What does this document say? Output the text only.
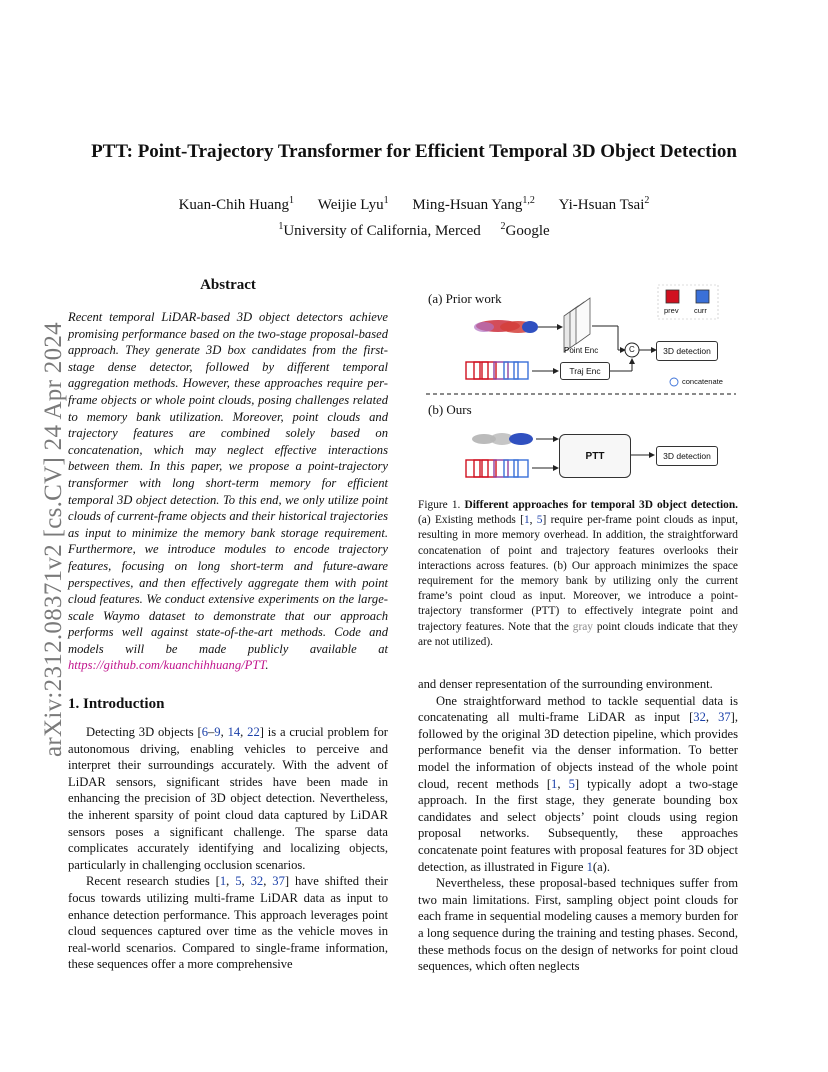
PTT: Point-Trajectory Transformer for Efficient Temporal 3D Object Detection
Kuan-Chih Huang$^1$ Weijie Lyu$^1$ Ming-Hsuan Yang$^{1,2}$ Yi-Hsuan Tsai$^2$
$^1$University of California, Merced $^2$Google
arXiv:2312.08371v2 [cs.CV] 24 Apr 2024
Abstract

Recent temporal LiDAR-based 3D object detectors achieve promising performance based on the two-stage proposal-based approach. They generate 3D box candidates from the first-stage dense detector, followed by different temporal aggregation methods. However, these approaches require per-frame objects or whole point clouds, posing challenges related to memory bank utilization. Moreover, point clouds and trajectory features are combined solely based on concatenation, which may neglect effective interactions between them. In this paper, we propose a point-trajectory transformer with long short-term memory for efficient temporal 3D object detection. To this end, we only utilize point clouds of current-frame objects and their historical trajectories as input to minimize the memory bank storage requirement. Furthermore, we introduce modules to encode trajectory features, focusing on long short-term and future-aware perspectives, and then effectively aggregate them with point cloud features. We conduct extensive experiments on the large-scale Waymo dataset to demonstrate that our approach performs well against state-of-the-art methods. Code and models will be made publicly available at https://github.com/kuanchihhuang/PTT.

1. Introduction

Detecting 3D objects [6–9, 14, 22] is a crucial problem for autonomous driving, enabling vehicles to perceive and interpret their surroundings accurately. With the advent of LiDAR sensors, significant strides have been made in enhancing the precision of 3D object detection. Nevertheless, the inherent sparsity of point cloud data captured by LiDAR sensors poses a significant challenge. The sparse data complicates accurately identifying and localizing objects, particularly in challenging occlusion scenarios.

Recent research studies [1, 5, 32, 37] have shifted their focus towards utilizing multi-frame LiDAR data as input to enhance detection performance. This approach leverages point cloud sequences captured over time as the vehicle moves in real-world scenarios. Compared to single-frame information, these sequences offer a more comprehensive

and denser representation of the surrounding environment.

One straightforward method to tackle sequential data is concatenating all multi-frame LiDAR as input [32, 37], followed by the original 3D detection pipeline, which provides performance benefit via the denser information. To better model the information of objects instead of the whole point cloud, recent methods [1, 5] typically adopt a two-stage approach. In the first stage, they generate bounding box candidates and select objects’ point clouds using region proposal networks. Subsequently, these approaches concatenate point features with proposal features for 3D object detection, as illustrated in Figure 1(a).

Nevertheless, these proposal-based techniques suffer from two main limitations. First, sampling object point clouds for each frame in sequential modeling causes a memory burden for a long sequence during the training and testing phases. Second, these methods focus on the design of networks for point cloud sequences, which often neglects

(a) Prior work
(b) Ours
prev curr
Point Enc
Traj Enc
C	3D detection
concatenate
PTT	3D detection

Figure 1. Different approaches for temporal 3D object detection. (a) Existing methods [1, 5] require per-frame point clouds as input, resulting in more memory overhead. In addition, the straightforward concatenation of point and trajectory features overlooks their interactions across features. (b) Our approach minimizes the space requirement for the memory bank by utilizing only the current frame’s point cloud as input. Moreover, we introduce a point-trajectory transformer (PTT) to effectively integrate point and trajectory features. Note that the gray point clouds indicate that they are not utilized).
